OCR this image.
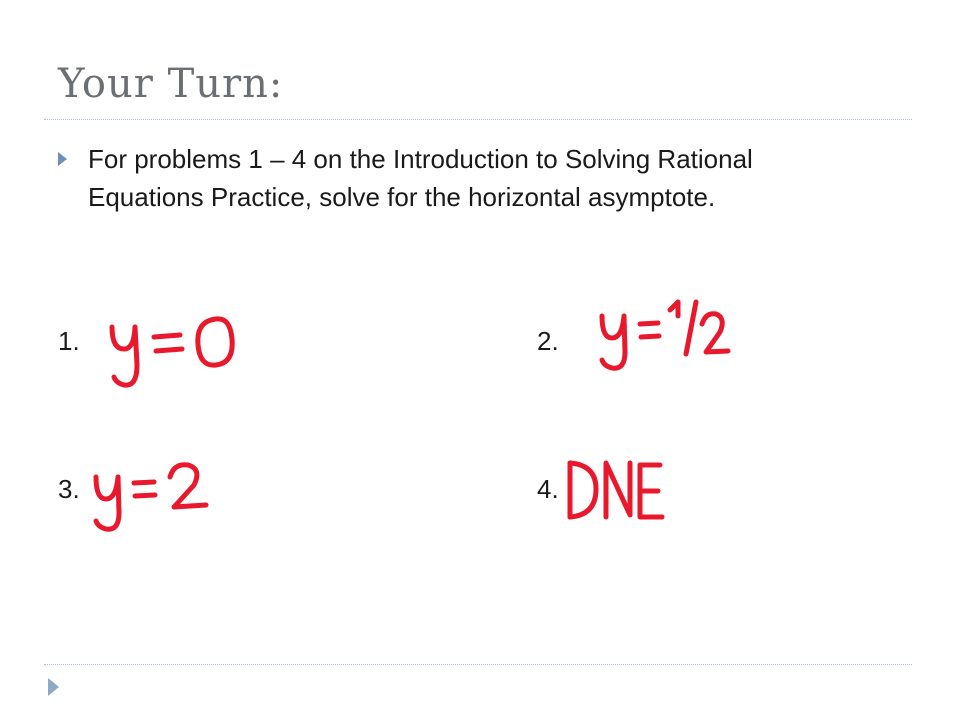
Your Turn:

For problems 1 – 4 on the Introduction to Solving Rational Equations Practice, solve for the horizontal asymptote.

1.	2.
3.	4.
